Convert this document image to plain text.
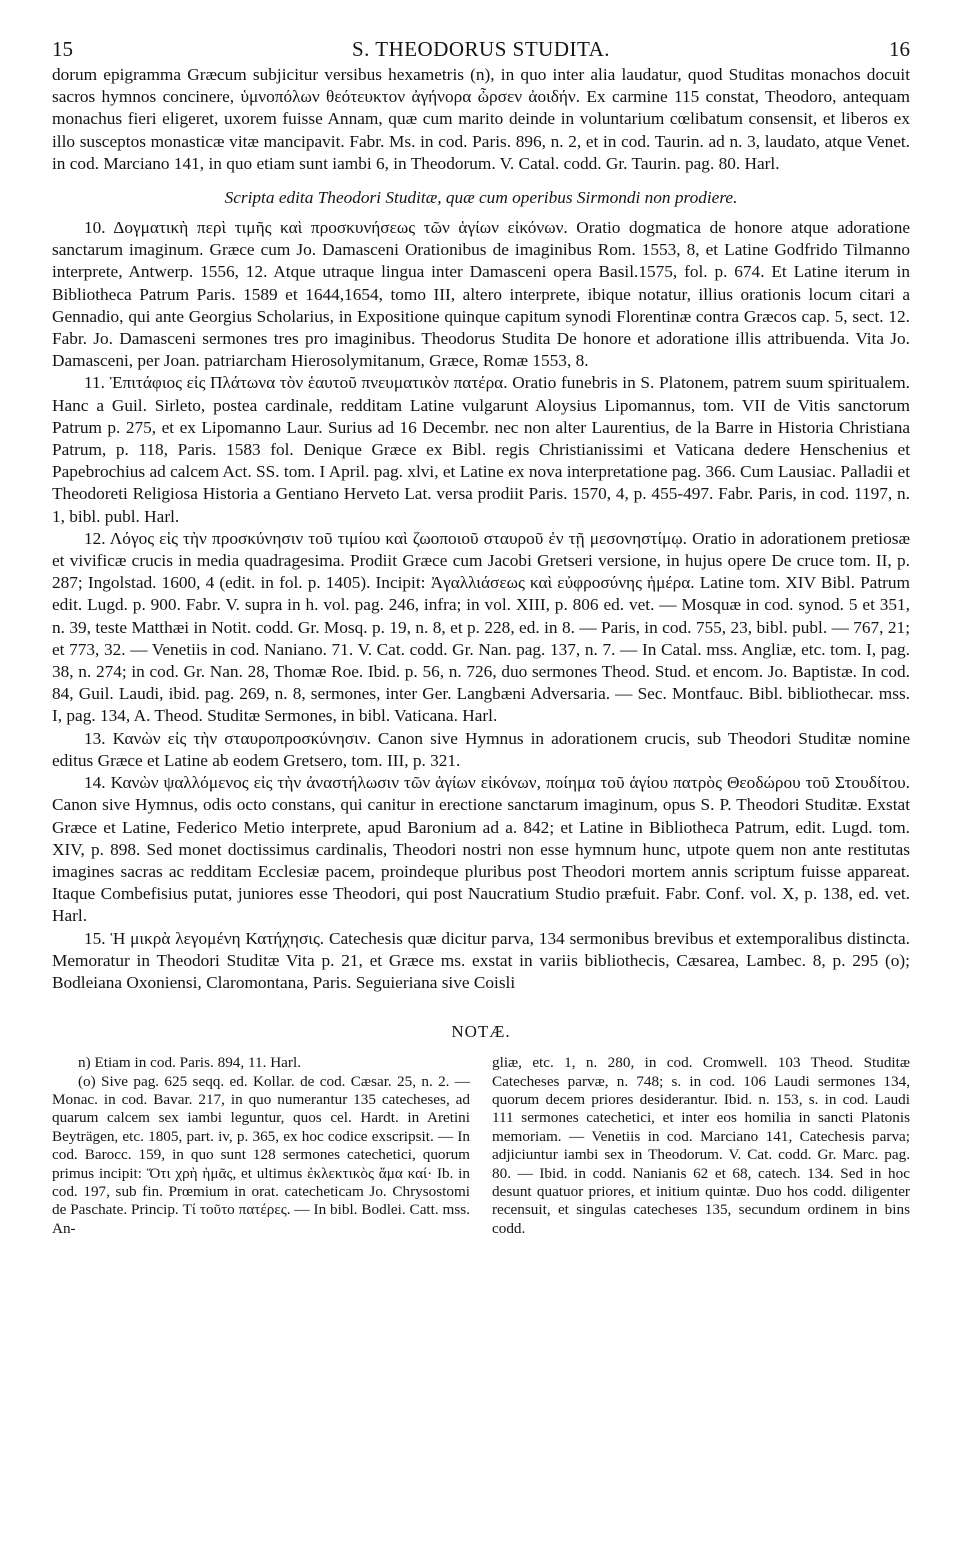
15	S. THEODORUS STUDITA.	16

dorum epigramma Græcum subjicitur versibus hexametris (n), in quo inter alia laudatur, quod Studitas monachos docuit sacros hymnos concinere, ὑμνοπόλων θεότευκτον ἀγήνορα ὦρσεν ἀοιδήν. Ex carmine 115 constat, Theodoro, antequam monachus fieri eligeret, uxorem fuisse Annam, quæ cum marito deinde in voluntarium cœlibatum consensit, et liberos ex illo susceptos monasticæ vitæ mancipavit. Fabr. Ms. in cod. Paris. 896, n. 2, et in cod. Taurin. ad n. 3, laudato, atque Venet. in cod. Marciano 141, in quo etiam sunt iambi 6, in Theodorum. V. Catal. codd. Gr. Taurin. pag. 80. Harl.

Scripta edita Theodori Studitæ, quæ cum operibus Sirmondi non prodiere.

10. Δογματικὴ περὶ τιμῆς καὶ προσκυνήσεως τῶν ἁγίων εἰκόνων. Oratio dogmatica de honore atque adoratione sanctarum imaginum. Græce cum Jo. Damasceni Orationibus de imaginibus Rom. 1553, 8, et Latine Godfrido Tilmanno interprete, Antwerp. 1556, 12. Atque utraque lingua inter Damasceni opera Basil.1575, fol. p. 674. Et Latine iterum in Bibliotheca Patrum Paris. 1589 et 1644,1654, tomo III, altero interprete, ibique notatur, illius orationis locum citari a Gennadio, qui ante Georgius Scholarius, in Expositione quinque capitum synodi Florentinæ contra Græcos cap. 5, sect. 12. Fabr. Jo. Damasceni sermones tres pro imaginibus. Theodorus Studita De honore et adoratione illis attribuenda. Vita Jo. Damasceni, per Joan. patriarcham Hierosolymitanum, Græce, Romæ 1553, 8.

11. Ἐπιτάφιος εἰς Πλάτωνα τὸν ἑαυτοῦ πνευματικὸν πατέρα. Oratio funebris in S. Platonem, patrem suum spiritualem. Hanc a Guil. Sirleto, postea cardinale, redditam Latine vulgarunt Aloysius Lipomannus, tom. VII de Vitis sanctorum Patrum p. 275, et ex Lipomanno Laur. Surius ad 16 Decembr. nec non alter Laurentius, de la Barre in Historia Christiana Patrum, p. 118, Paris. 1583 fol. Denique Græce ex Bibl. regis Christianissimi et Vaticana dedere Henschenius et Papebrochius ad calcem Act. SS. tom. I April. pag. xlvi, et Latine ex nova interpretatione pag. 366. Cum Lausiac. Palladii et Theodoreti Religiosa Historia a Gentiano Herveto Lat. versa prodiit Paris. 1570, 4, p. 455-497. Fabr. Paris, in cod. 1197, n. 1, bibl. publ. Harl.

12. Λόγος εἰς τὴν προσκύνησιν τοῦ τιμίου καὶ ζωοποιοῦ σταυροῦ ἐν τῇ μεσονηστίμῳ. Oratio in adorationem pretiosæ et vivificæ crucis in media quadragesima. Prodiit Græce cum Jacobi Gretseri versione, in hujus opere De cruce tom. II, p. 287; Ingolstad. 1600, 4 (edit. in fol. p. 1405). Incipit: Ἀγαλλιάσεως καὶ εὐφροσύνης ἡμέρα. Latine tom. XIV Bibl. Patrum edit. Lugd. p. 900. Fabr. V. supra in h. vol. pag. 246, infra; in vol. XIII, p. 806 ed. vet. — Mosquæ in cod. synod. 5 et 351, n. 39, teste Matthæi in Notit. codd. Gr. Mosq. p. 19, n. 8, et p. 228, ed. in 8. — Paris, in cod. 755, 23, bibl. publ. — 767, 21; et 773, 32. — Venetiis in cod. Naniano. 71. V. Cat. codd. Gr. Nan. pag. 137, n. 7. — In Catal. mss. Angliæ, etc. tom. I, pag. 38, n. 274; in cod. Gr. Nan. 28, Thomæ Roe. Ibid. p. 56, n. 726, duo sermones Theod. Stud. et encom. Jo. Baptistæ. In cod. 84, Guil. Laudi, ibid. pag. 269, n. 8, sermones, inter Ger. Langbæni Adversaria. — Sec. Montfauc. Bibl. bibliothecar. mss. I, pag. 134, A. Theod. Studitæ Sermones, in bibl. Vaticana. Harl.

13. Κανὼν εἰς τὴν σταυροπροσκύνησιν. Canon sive Hymnus in adorationem crucis, sub Theodori Studitæ nomine editus Græce et Latine ab eodem Gretsero, tom. III, p. 321.

14. Κανὼν ψαλλόμενος εἰς τὴν ἀναστήλωσιν τῶν ἁγίων εἰκόνων, ποίημα τοῦ ἁγίου πατρὸς Θεοδώρου τοῦ Στουδίτου. Canon sive Hymnus, odis octo constans, qui canitur in erectione sanctarum imaginum, opus S. P. Theodori Studitæ. Exstat Græce et Latine, Federico Metio interprete, apud Baronium ad a. 842; et Latine in Bibliotheca Patrum, edit. Lugd. tom. XIV, p. 898. Sed monet doctissimus cardinalis, Theodori nostri non esse hymnum hunc, utpote quem non ante restitutas imagines sacras ac redditam Ecclesiæ pacem, proindeque pluribus post Theodori mortem annis scriptum fuisse appareat. Itaque Combefisius putat, juniores esse Theodori, qui post Naucratium Studio præfuit. Fabr. Conf. vol. X, p. 138, ed. vet. Harl.

15. Ἡ μικρὰ λεγομένη Κατήχησις. Catechesis quæ dicitur parva, 134 sermonibus brevibus et extemporalibus distincta. Memoratur in Theodori Studitæ Vita p. 21, et Græce ms. exstat in variis bibliothecis, Cæsarea, Lambec. 8, p. 295 (o); Bodleiana Oxoniensi, Claromontana, Paris. Seguieriana sive Coisli

NOTÆ.

n) Etiam in cod. Paris. 894, 11. Harl.

(o) Sive pag. 625 seqq. ed. Kollar. de cod. Cæsar. 25, n. 2. — Monac. in cod. Bavar. 217, in quo numerantur 135 catecheses, ad quarum calcem sex iambi leguntur, quos cel. Hardt. in Aretini Beyträgen, etc. 1805, part. iv, p. 365, ex hoc codice exscripsit. — In cod. Barocc. 159, in quo sunt 128 sermones catechetici, quorum primus incipit: Ὅτι χρὴ ἡμᾶς, et ultimus ἐκλεκτικὸς ἅμα καί· Ib. in cod. 197, sub fin. Prœmium in orat. catecheticam Jo. Chrysostomi de Paschate. Princip. Τί τοῦτο πατέρες. — In bibl. Bodlei. Catt. mss. An-

gliæ, etc. 1, n. 280, in cod. Cromwell. 103 Theod. Studitæ Catecheses parvæ, n. 748; s. in cod. 106 Laudi sermones 134, quorum decem priores desiderantur. Ibid. n. 153, s. in cod. Laudi 111 sermones catechetici, et inter eos homilia in sancti Platonis memoriam. — Venetiis in cod. Marciano 141, Catechesis parva; adjiciuntur iambi sex in Theodorum. V. Cat. codd. Gr. Marc. pag. 80. — Ibid. in codd. Nanianis 62 et 68, catech. 134. Sed in hoc desunt quatuor priores, et initium quintæ. Duo hos codd. diligenter recensuit, et singulas catecheses 135, secundum ordinem in bins codd.
